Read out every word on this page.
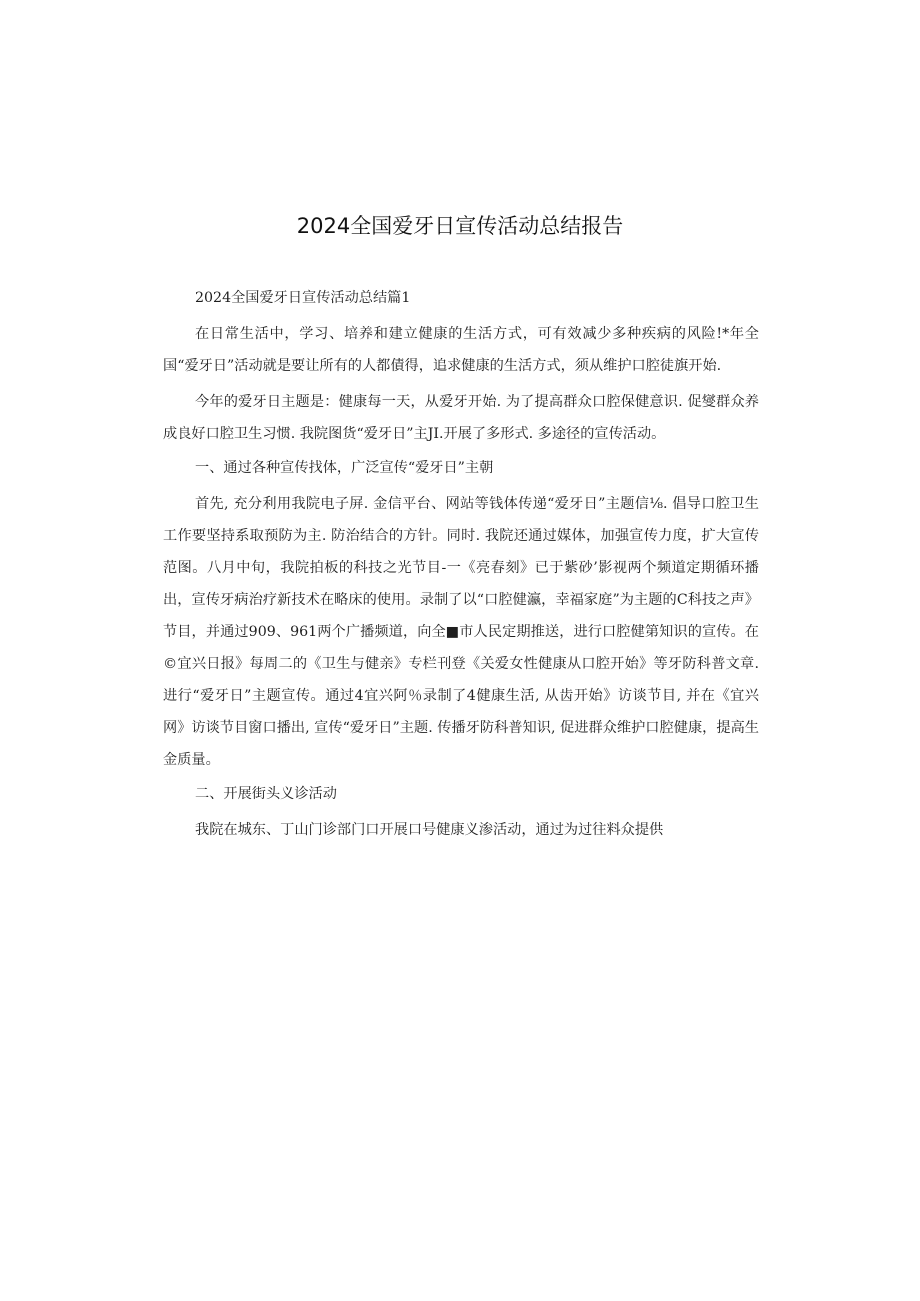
2024全国爱牙日宣传活动总结报告

2024全国爱牙日宣传活动总结篇1

在日常生活中，学习、培养和建立健康的生活方式，可有效减少多种疾病的风险!*年全国“爱牙日”活动就是要让所有的人都債得，追求健康的生活方式，须从维护口腔徒旗开始.

今年的爱牙日主题是：健康每一天，从爱牙开始. 为了提高群众口腔保健意识. 促燮群众养成良好口腔卫生习惯. 我院图货“爱牙日”主JI.开展了多形式. 多途径的宣传活动。

一、通过各种宣传找体，广泛宣传“爱牙日”主朝

首先, 充分利用我院电子屏. 金信平台、网站等钱体传递“爱牙日”主题信⅛. 倡导口腔卫生工作要坚持系取预防为主. 防治结合的方针。同时. 我院还通过媒体，加强宣传力度，扩大宣传范图。八月中旬，我院拍板的科技之光节目-一《亮春刻》已于紫砂’影视两个频道定期循环播出，宣传牙病治疗新技术在略床的使用。录制了以“口腔健瀛，幸福家庭”为主题的C科技之声》节目，并通过909、961两个广播频道，向全■市人民定期推送，进行口腔健第知识的宣传。在©宜兴日报》每周二的《卫生与健亲》专栏刊登《关爱女性健康从口腔开始》等牙防科普文章. 进行“爱牙日”主题宣传。通过4宜兴阿％录制了4健康生活, 从齿开始》访谈节目, 并在《宜兴网》访谈节目窗口播出, 宣传“爱牙日”主题. 传播牙防科普知识, 促进群众维护口腔健康，提高生金质量。

二、开展街头义诊活动

我院在城东、丁山门诊部门口开展口号健康义渗活动，通过为过往料众提供
